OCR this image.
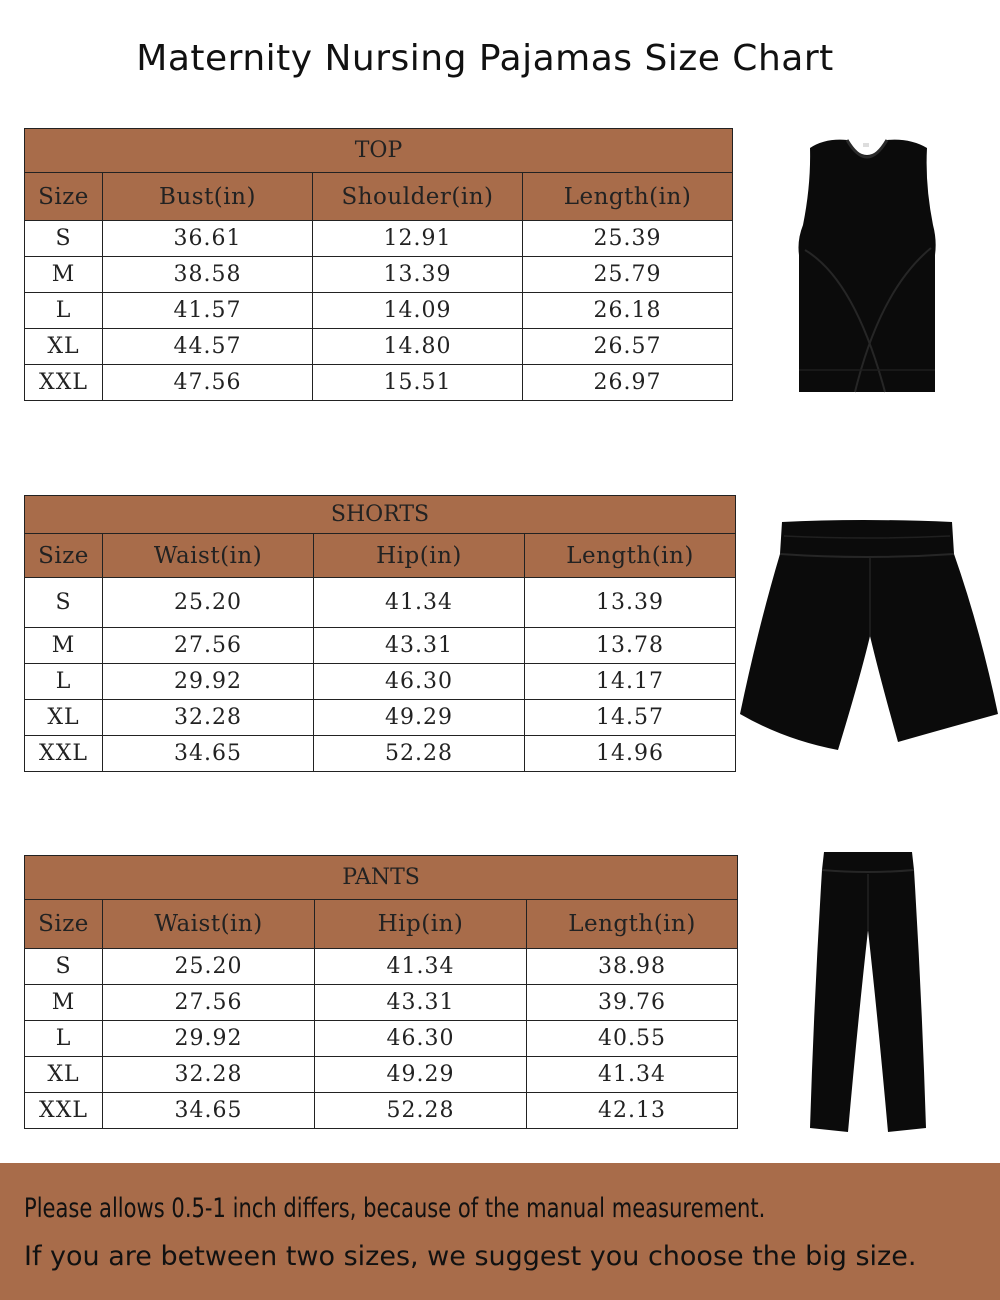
Maternity Nursing Pajamas Size Chart
TOP			
Size	Bust(in)	Shoulder(in)	Length(in)
S	36.61	12.91	25.39
M	38.58	13.39	25.79
L	41.57	14.09	26.18
XL	44.57	14.80	26.57
XXL	47.56	15.51	26.97
SHORTS			
Size	Waist(in)	Hip(in)	Length(in)
S	25.20	41.34	13.39
M	27.56	43.31	13.78
L	29.92	46.30	14.17
XL	32.28	49.29	14.57
XXL	34.65	52.28	14.96
PANTS			
Size	Waist(in)	Hip(in)	Length(in)
S	25.20	41.34	38.98
M	27.56	43.31	39.76
L	29.92	46.30	40.55
XL	32.28	49.29	41.34
XXL	34.65	52.28	42.13
Please allows 0.5-1 inch differs, because of the manual measurement.
If you are between two sizes, we suggest you choose the big size.
